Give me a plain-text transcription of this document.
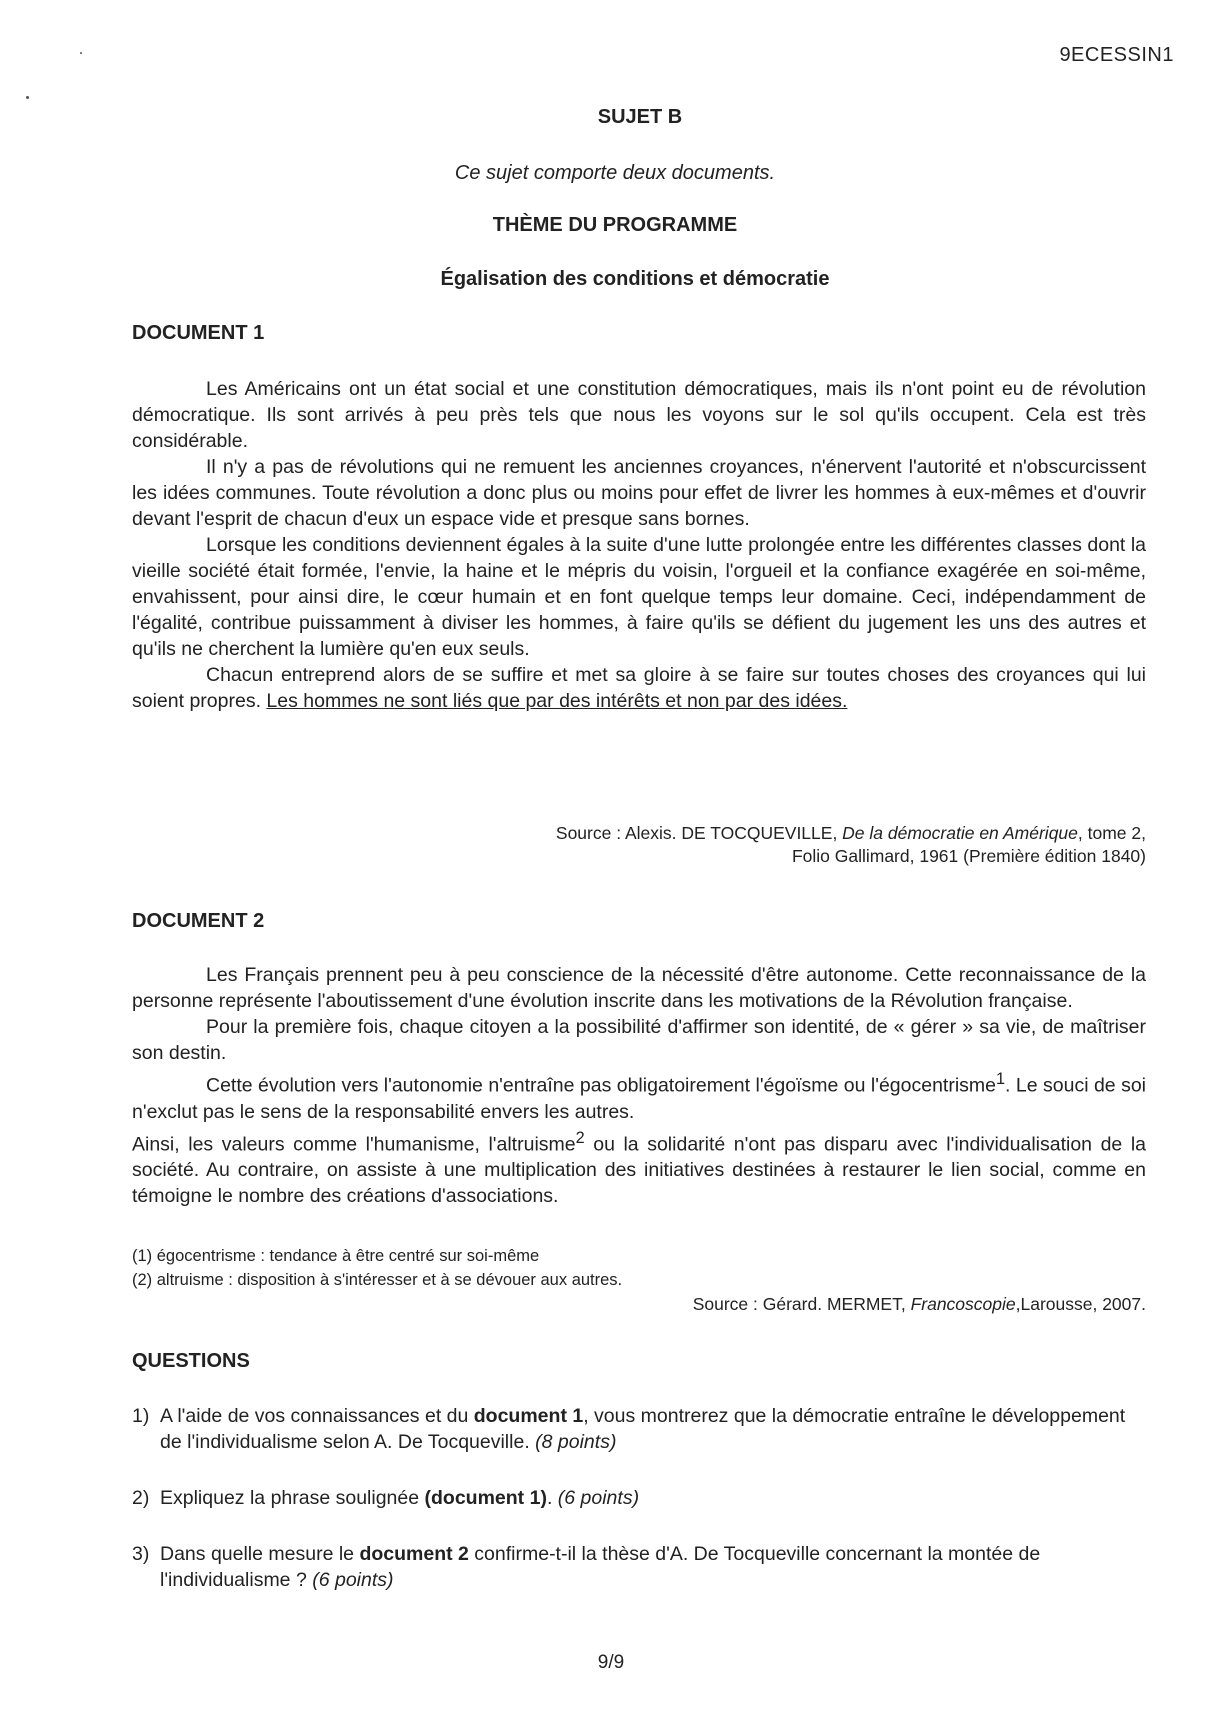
9ECESSIN1
SUJET B
Ce sujet comporte deux documents.
THÈME DU PROGRAMME
Égalisation des conditions et démocratie
DOCUMENT 1

Les Américains ont un état social et une constitution démocratiques, mais ils n'ont point eu de révolution démocratique. Ils sont arrivés à peu près tels que nous les voyons sur le sol qu'ils occupent. Cela est très considérable.

Il n'y a pas de révolutions qui ne remuent les anciennes croyances, n'énervent l'autorité et n'obscurcissent les idées communes. Toute révolution a donc plus ou moins pour effet de livrer les hommes à eux-mêmes et d'ouvrir devant l'esprit de chacun d'eux un espace vide et presque sans bornes.

Lorsque les conditions deviennent égales à la suite d'une lutte prolongée entre les différentes classes dont la vieille société était formée, l'envie, la haine et le mépris du voisin, l'orgueil et la confiance exagérée en soi-même, envahissent, pour ainsi dire, le cœur humain et en font quelque temps leur domaine. Ceci, indépendamment de l'égalité, contribue puissamment à diviser les hommes, à faire qu'ils se défient du jugement les uns des autres et qu'ils ne cherchent la lumière qu'en eux seuls.

Chacun entreprend alors de se suffire et met sa gloire à se faire sur toutes choses des croyances qui lui soient propres. Les hommes ne sont liés que par des intérêts et non par des idées.

Source : Alexis. DE TOCQUEVILLE, De la démocratie en Amérique, tome 2,
Folio Gallimard, 1961 (Première édition 1840)
DOCUMENT 2

Les Français prennent peu à peu conscience de la nécessité d'être autonome. Cette reconnaissance de la personne représente l'aboutissement d'une évolution inscrite dans les motivations de la Révolution française.

Pour la première fois, chaque citoyen a la possibilité d'affirmer son identité, de « gérer » sa vie, de maîtriser son destin.

Cette évolution vers l'autonomie n'entraîne pas obligatoirement l'égoïsme ou l'égocentrisme$^1$. Le souci de soi n'exclut pas le sens de la responsabilité envers les autres.

Ainsi, les valeurs comme l'humanisme, l'altruisme$^2$ ou la solidarité n'ont pas disparu avec l'individualisation de la société. Au contraire, on assiste à une multiplication des initiatives destinées à restaurer le lien social, comme en témoigne le nombre des créations d'associations.

(1) égocentrisme : tendance à être centré sur soi-même
(2) altruisme : disposition à s'intéresser et à se dévouer aux autres.
Source : Gérard. MERMET, Francoscopie,Larousse, 2007.
QUESTIONS
1) A l'aide de vos connaissances et du document 1, vous montrerez que la démocratie entraîne le développement de l'individualisme selon A. De Tocqueville. (8 points)
2) Expliquez la phrase soulignée (document 1). (6 points)
3) Dans quelle mesure le document 2 confirme-t-il la thèse d'A. De Tocqueville concernant la montée de l'individualisme ? (6 points)
9/9
